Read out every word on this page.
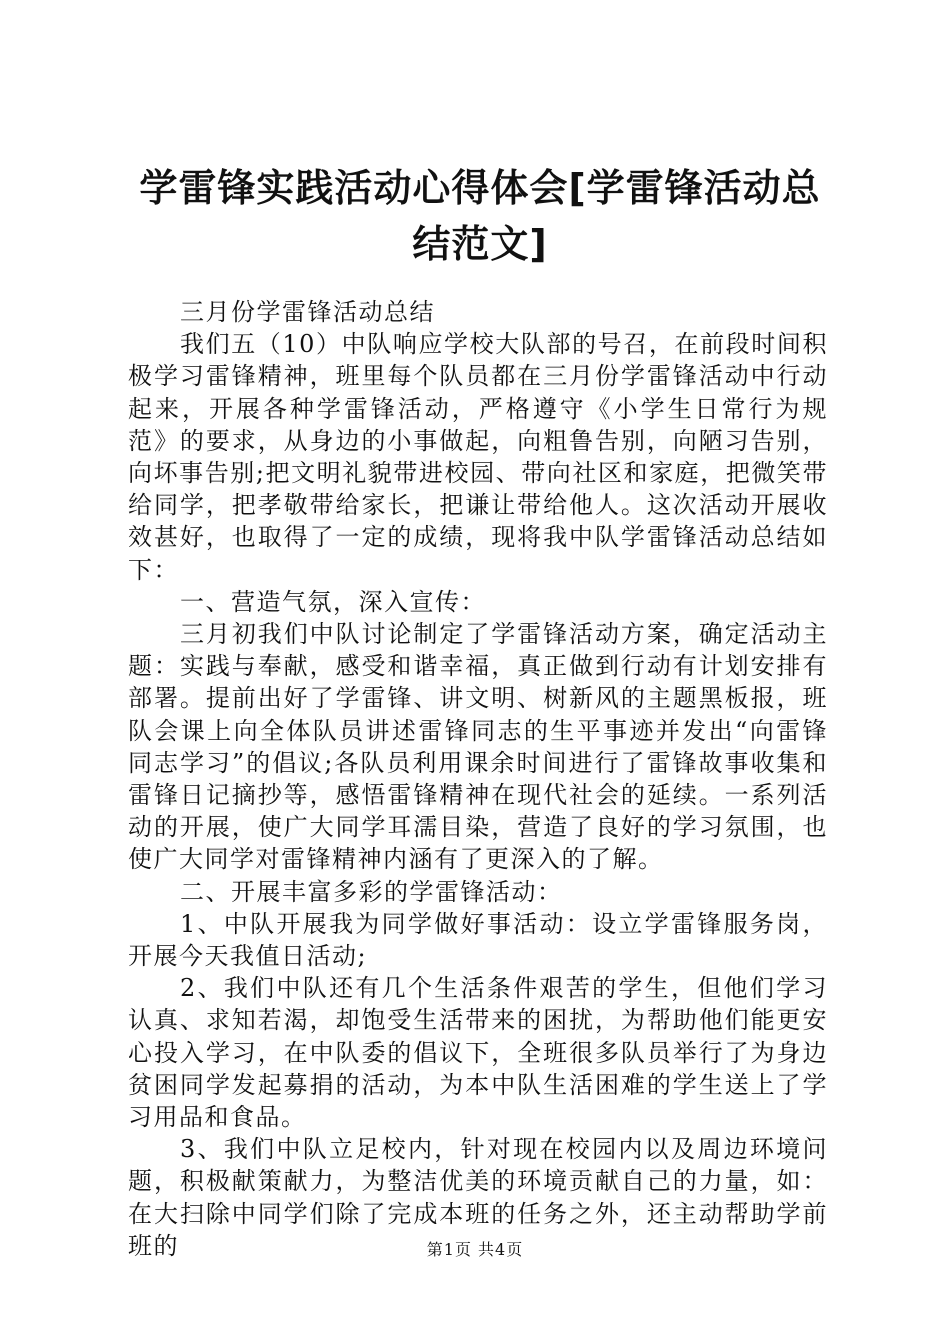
学雷锋实践活动心得体会[学雷锋活动总结范文]

三月份学雷锋活动总结

我们五（10）中队响应学校大队部的号召，在前段时间积极学习雷锋精神，班里每个队员都在三月份学雷锋活动中行动起来，开展各种学雷锋活动，严格遵守《小学生日常行为规范》的要求，从身边的小事做起，向粗鲁告别，向陋习告别，向坏事告别;把文明礼貌带进校园、带向社区和家庭，把微笑带给同学，把孝敬带给家长，把谦让带给他人。这次活动开展收效甚好，也取得了一定的成绩，现将我中队学雷锋活动总结如下：

一、营造气氛，深入宣传：

三月初我们中队讨论制定了学雷锋活动方案，确定活动主题：实践与奉献，感受和谐幸福，真正做到行动有计划安排有部署。提前出好了学雷锋、讲文明、树新风的主题黑板报，班队会课上向全体队员讲述雷锋同志的生平事迹并发出“向雷锋同志学习”的倡议;各队员利用课余时间进行了雷锋故事收集和雷锋日记摘抄等，感悟雷锋精神在现代社会的延续。一系列活动的开展，使广大同学耳濡目染，营造了良好的学习氛围，也使广大同学对雷锋精神内涵有了更深入的了解。

二、开展丰富多彩的学雷锋活动：

1、中队开展我为同学做好事活动：设立学雷锋服务岗，开展今天我值日活动;

2、我们中队还有几个生活条件艰苦的学生，但他们学习认真、求知若渴，却饱受生活带来的困扰，为帮助他们能更安心投入学习，在中队委的倡议下，全班很多队员举行了为身边贫困同学发起募捐的活动，为本中队生活困难的学生送上了学习用品和食品。

3、我们中队立足校内，针对现在校园内以及周边环境问题，积极献策献力，为整洁优美的环境贡献自己的力量，如：在大扫除中同学们除了完成本班的任务之外，还主动帮助学前班的	第1页 共4页
